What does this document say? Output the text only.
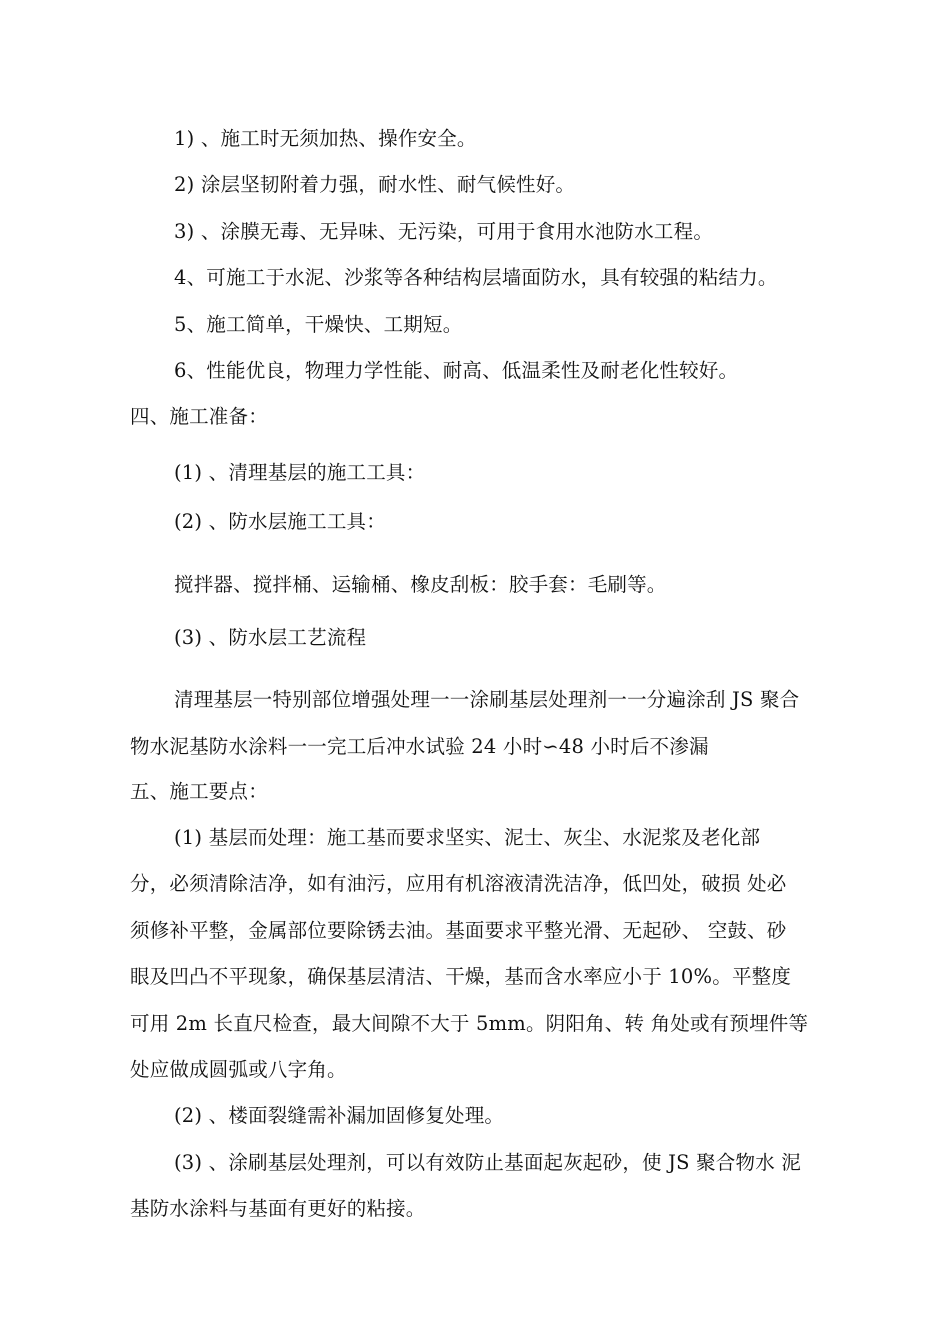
1) 、施工时无须加热、操作安全。
2) 涂层坚韧附着力强，耐水性、耐气候性好。
3) 、涂膜无毒、无异味、无污染，可用于食用水池防水工程。
4、可施工于水泥、沙浆等各种结构层墙面防水，具有较强的粘结力。
5、施工简单，干燥快、工期短。
6、性能优良，物理力学性能、耐高、低温柔性及耐老化性较好。
四、施工准备：
(1) 、清理基层的施工工具：
(2) 、防水层施工工具：
搅拌器、搅拌桶、运输桶、橡皮刮板：胶手套：毛刷等。
(3) 、防水层工艺流程
清理基层一特别部位增强处理一一涂刷基层处理剂一一分遍涂刮 JS 聚合
物水泥基防水涂料一一完工后冲水试验 24 小时∽48 小时后不渗漏
五、施工要点：
(1) 基层而处理：施工基而要求坚实、泥士、灰尘、水泥浆及老化部
分，必须清除洁净，如有油污，应用有机溶液清洗洁净，低凹处，破损 处必
须修补平整，金属部位要除锈去油。基面要求平整光滑、无起砂、 空鼓、砂
眼及凹凸不平现象，确保基层清洁、干燥，基而含水率应小于 10%。平整度
可用 2m 长直尺检查，最大间隙不大于 5mm。阴阳角、转 角处或有预埋件等
处应做成圆弧或八字角。
(2) 、楼面裂缝需补漏加固修复处理。
(3) 、涂刷基层处理剂，可以有效防止基面起灰起砂，使 JS 聚合物水 泥
基防水涂料与基面有更好的粘接。
